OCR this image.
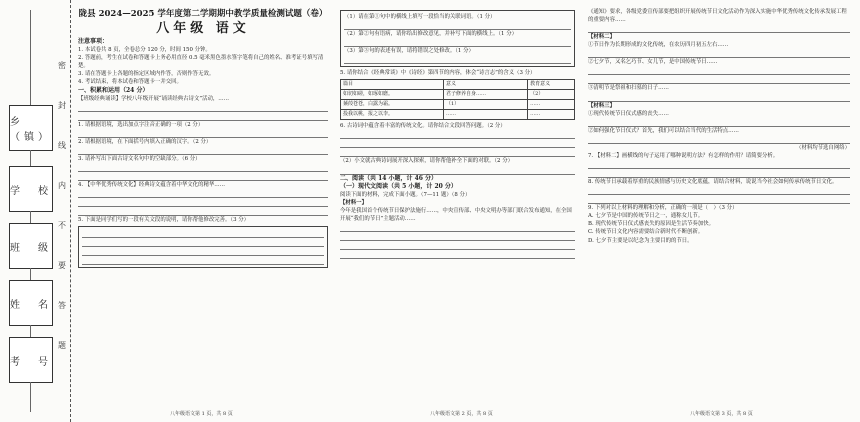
乡（镇）
学　校
班　级
姓　名
考　号
密
封
线
内
不
要
答
题

陇县 2024—2025 学年度第二学期期中教学质量检测试题（卷）

八年级 语文

注意事项：

1. 本试卷共 8 页，全卷总分 120 分，时间 150 分钟。

2. 答题前，考生在试卷和答题卡上务必用直径 0.5 毫米黑色墨水签字笔将自己的姓名、准考证号填写清楚。

3. 请在答题卡上各题的指定区域内作答，否则作答无效。

4. 考试结束，将本试卷和答题卡一并交回。

一、积累和运用（24 分）

【班级经典诵读】学校八年级开展“诵读经典古诗文”活动，……

1. 请根据语境，选出加点字注音正确的一项（2 分）

2. 请根据语境，在下面括号内填入正确的汉字。（2 分）

3. 请补写出下面古诗文名句中的空缺部分。（6 分）

4. 【中华优秀传统文化】经典诗文蕴含着中华文化的精华……

5. 下面是同学们写的一段有关文段的说明，请你帮他修改完善。（3 分）

八年级语文第 1 页，共 8 页

（1）请在第①句中的横线上填写一段恰当的关联词语。（1 分）

（2）第②句有语病，请你给出修改意见，并补写下面的横线上。（1 分）

（3）第③句的表述有误，请将错误之处修改。（1 分）

5. 请你结合《经典常谈》中《诗经》第四节的内容，体会“诗言志”的含义（3 分）

篇目	意义	教育意义
如切如磋，如琢如磨。	君子修养自身……	（2）
蒹葭苍苍，白露为霜。	（1）	……
投我以桃，报之以李。	……	……

6. 古诗词中蕴含着丰富的传统文化。请你结合文段回答问题。（2 分）

（2）小文就古典诗词展开深入探索，请你帮他补全下面的对联。（2 分）

二、阅读（共 14 小题，计 46 分）

（一）现代文阅读（共 5 小题，计 20 分）

阅读下面的材料，完成下面小题。（7—11 题）（8 分）

【材料一】

今年是我国首个传统节日保护法施行……，中央宣传部、中央文明办等部门联合发布通知，在全国开展“我们的节日”主题活动……

八年级语文第 2 页，共 8 页

《通知》要求，各级党委宣传部要把组织开展传统节日文化活动作为深入实施中华优秀传统文化传承发展工程的重要内容……

【材料二】

①节日作为长期形成的文化传统，在农历四月初五左右……

②七夕节，又名乞巧节、女儿节，是中国传统节日……

③清明节是祭祖和扫墓的日子……

【材料三】

①现代传统节日仪式感的丧失……

②如何强化节日仪式？首先，我们可以结合当代的生活特点……

（材料均节选自网络）

7. 【材料二】画横线的句子运用了哪种说明方法？有怎样的作用？请简要分析。

8. 传统节日承载着厚重的民族情感与历史文化底蕴，请结合材料，说说当今社会如何传承传统节日文化。

9. 下列对以上材料的理解和分析，正确的一项是（　）（3 分）

A. 七夕节是中国的传统节日之一，通称女儿节。

B. 现代传统节日仪式感丧失的原因是生活节奏加快。

C. 传统节日文化内容需要结合新时代不断创新。

D. 七夕节主要是以纪念为主要目的的节日。

八年级语文第 3 页，共 8 页
